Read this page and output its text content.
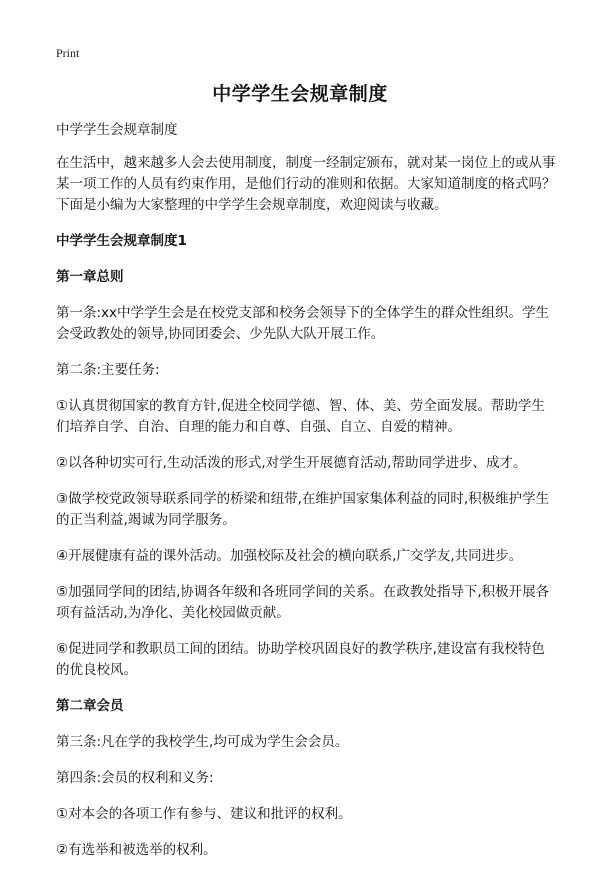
Print
中学学生会规章制度

中学学生会规章制度

在生活中，越来越多人会去使用制度，制度一经制定颁布，就对某一岗位上的或从事某一项工作的人员有约束作用，是他们行动的准则和依据。大家知道制度的格式吗？下面是小编为大家整理的中学学生会规章制度，欢迎阅读与收藏。

中学学生会规章制度1
第一章总则

第一条:xx中学学生会是在校党支部和校务会领导下的全体学生的群众性组织。学生会受政教处的领导,协同团委会、少先队大队开展工作。

第二条:主要任务:

①认真贯彻国家的教育方针,促进全校同学德、智、体、美、劳全面发展。帮助学生们培养自学、自治、自理的能力和自尊、自强、自立、自爱的精神。

②以各种切实可行,生动活泼的形式,对学生开展德育活动,帮助同学进步、成才。

③做学校党政领导联系同学的桥梁和纽带,在维护国家集体利益的同时,积极维护学生的正当利益,竭诚为同学服务。

④开展健康有益的课外活动。加强校际及社会的横向联系,广交学友,共同进步。

⑤加强同学间的团结,协调各年级和各班同学间的关系。在政教处指导下,积极开展各项有益活动,为净化、美化校园做贡献。

⑥促进同学和教职员工间的团结。协助学校巩固良好的教学秩序,建设富有我校特色的优良校风。

第二章会员

第三条:凡在学的我校学生,均可成为学生会会员。

第四条:会员的权利和义务:

①对本会的各项工作有参与、建议和批评的权利。

②有选举和被选举的权利。
